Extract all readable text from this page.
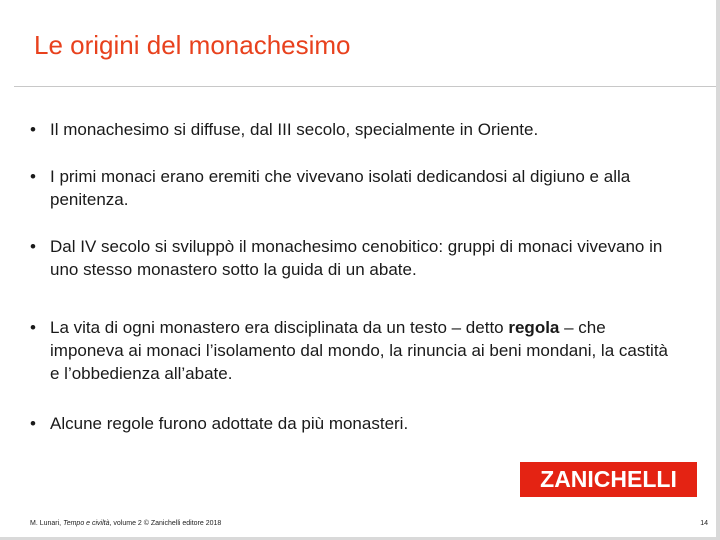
Le origini del monachesimo
• Il monachesimo si diffuse, dal III secolo, specialmente in Oriente.
• I primi monaci erano eremiti che vivevano isolati dedicandosi al digiuno e alla penitenza.
• Dal IV secolo si sviluppò il monachesimo cenobitico: gruppi di monaci vivevano in uno stesso monastero sotto la guida di un abate.
• La vita di ogni monastero era disciplinata da un testo – detto regola – che imponeva ai monaci l’isolamento dal mondo, la rinuncia ai beni mondani, la castità e l’obbedienza all’abate.
• Alcune regole furono adottate da più monasteri.
ZANICHELLI
M. Lunari, Tempo e civiltà, volume 2 © Zanichelli editore 2018	14
